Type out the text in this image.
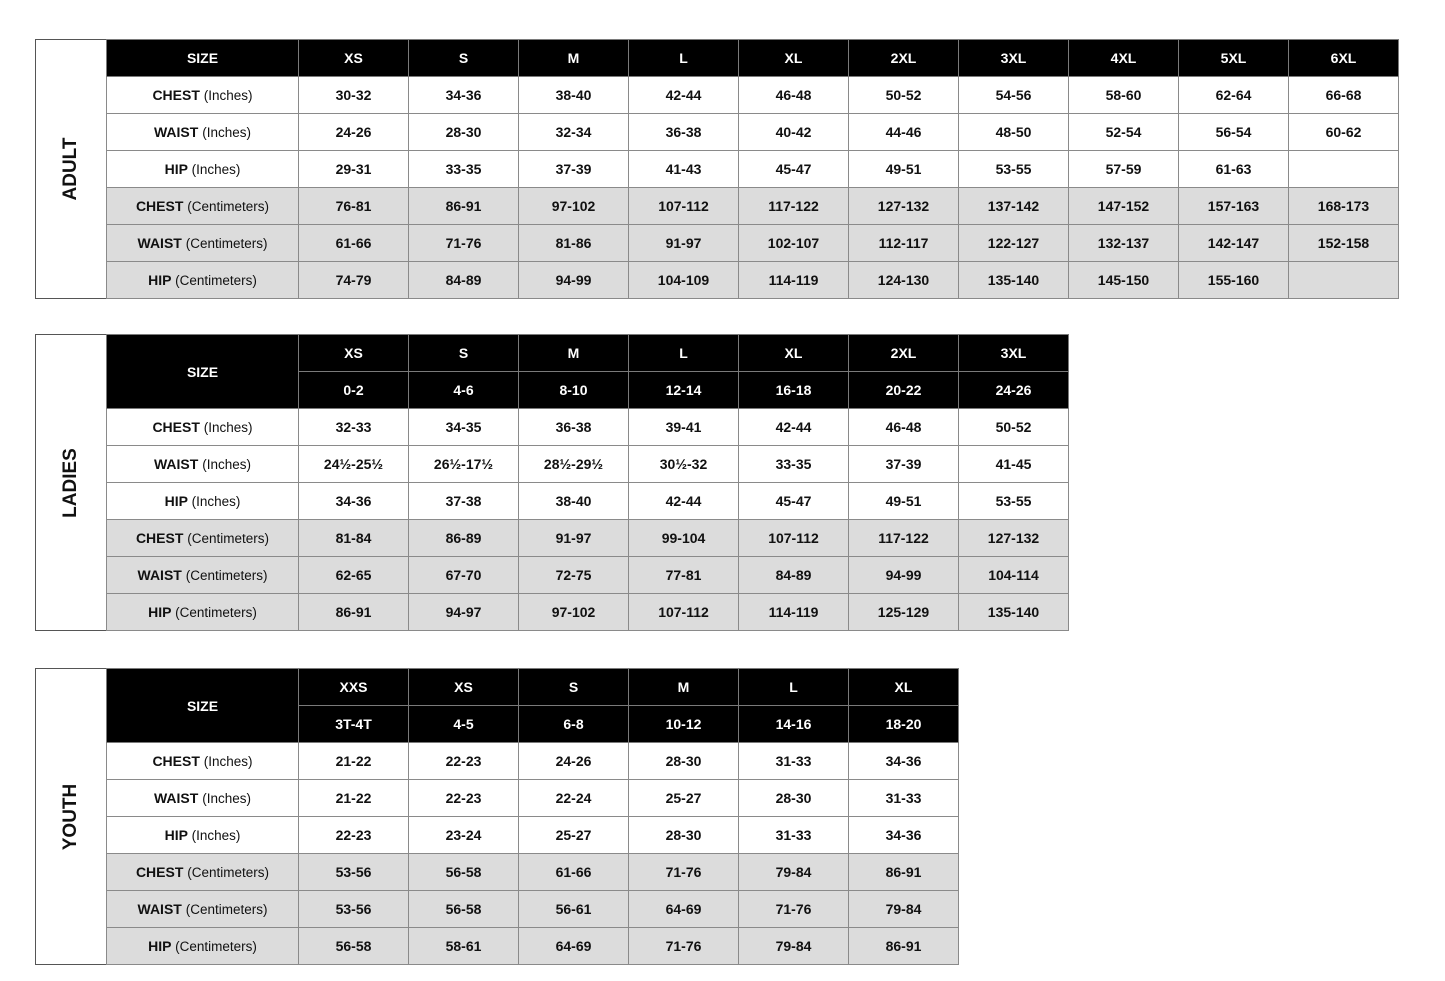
ADULT
SIZE	XS	S	M	L	XL	2XL	3XL	4XL	5XL	6XL
CHEST (Inches)	30-32	34-36	38-40	42-44	46-48	50-52	54-56	58-60	62-64	66-68
WAIST (Inches)	24-26	28-30	32-34	36-38	40-42	44-46	48-50	52-54	56-54	60-62
HIP (Inches)	29-31	33-35	37-39	41-43	45-47	49-51	53-55	57-59	61-63	
CHEST (Centimeters)	76-81	86-91	97-102	107-112	117-122	127-132	137-142	147-152	157-163	168-173
WAIST (Centimeters)	61-66	71-76	81-86	91-97	102-107	112-117	122-127	132-137	142-147	152-158
HIP (Centimeters)	74-79	84-89	94-99	104-109	114-119	124-130	135-140	145-150	155-160	
LADIES
SIZE	XS	S	M	L	XL	2XL	3XL
	0-2	4-6	8-10	12-14	16-18	20-22	24-26
CHEST (Inches)	32-33	34-35	36-38	39-41	42-44	46-48	50-52
WAIST (Inches)	24½-25½	26½-17½	28½-29½	30½-32	33-35	37-39	41-45
HIP (Inches)	34-36	37-38	38-40	42-44	45-47	49-51	53-55
CHEST (Centimeters)	81-84	86-89	91-97	99-104	107-112	117-122	127-132
WAIST (Centimeters)	62-65	67-70	72-75	77-81	84-89	94-99	104-114
HIP (Centimeters)	86-91	94-97	97-102	107-112	114-119	125-129	135-140
YOUTH
SIZE	XXS	XS	S	M	L	XL
	3T-4T	4-5	6-8	10-12	14-16	18-20
CHEST (Inches)	21-22	22-23	24-26	28-30	31-33	34-36
WAIST (Inches)	21-22	22-23	22-24	25-27	28-30	31-33
HIP (Inches)	22-23	23-24	25-27	28-30	31-33	34-36
CHEST (Centimeters)	53-56	56-58	61-66	71-76	79-84	86-91
WAIST (Centimeters)	53-56	56-58	56-61	64-69	71-76	79-84
HIP (Centimeters)	56-58	58-61	64-69	71-76	79-84	86-91
